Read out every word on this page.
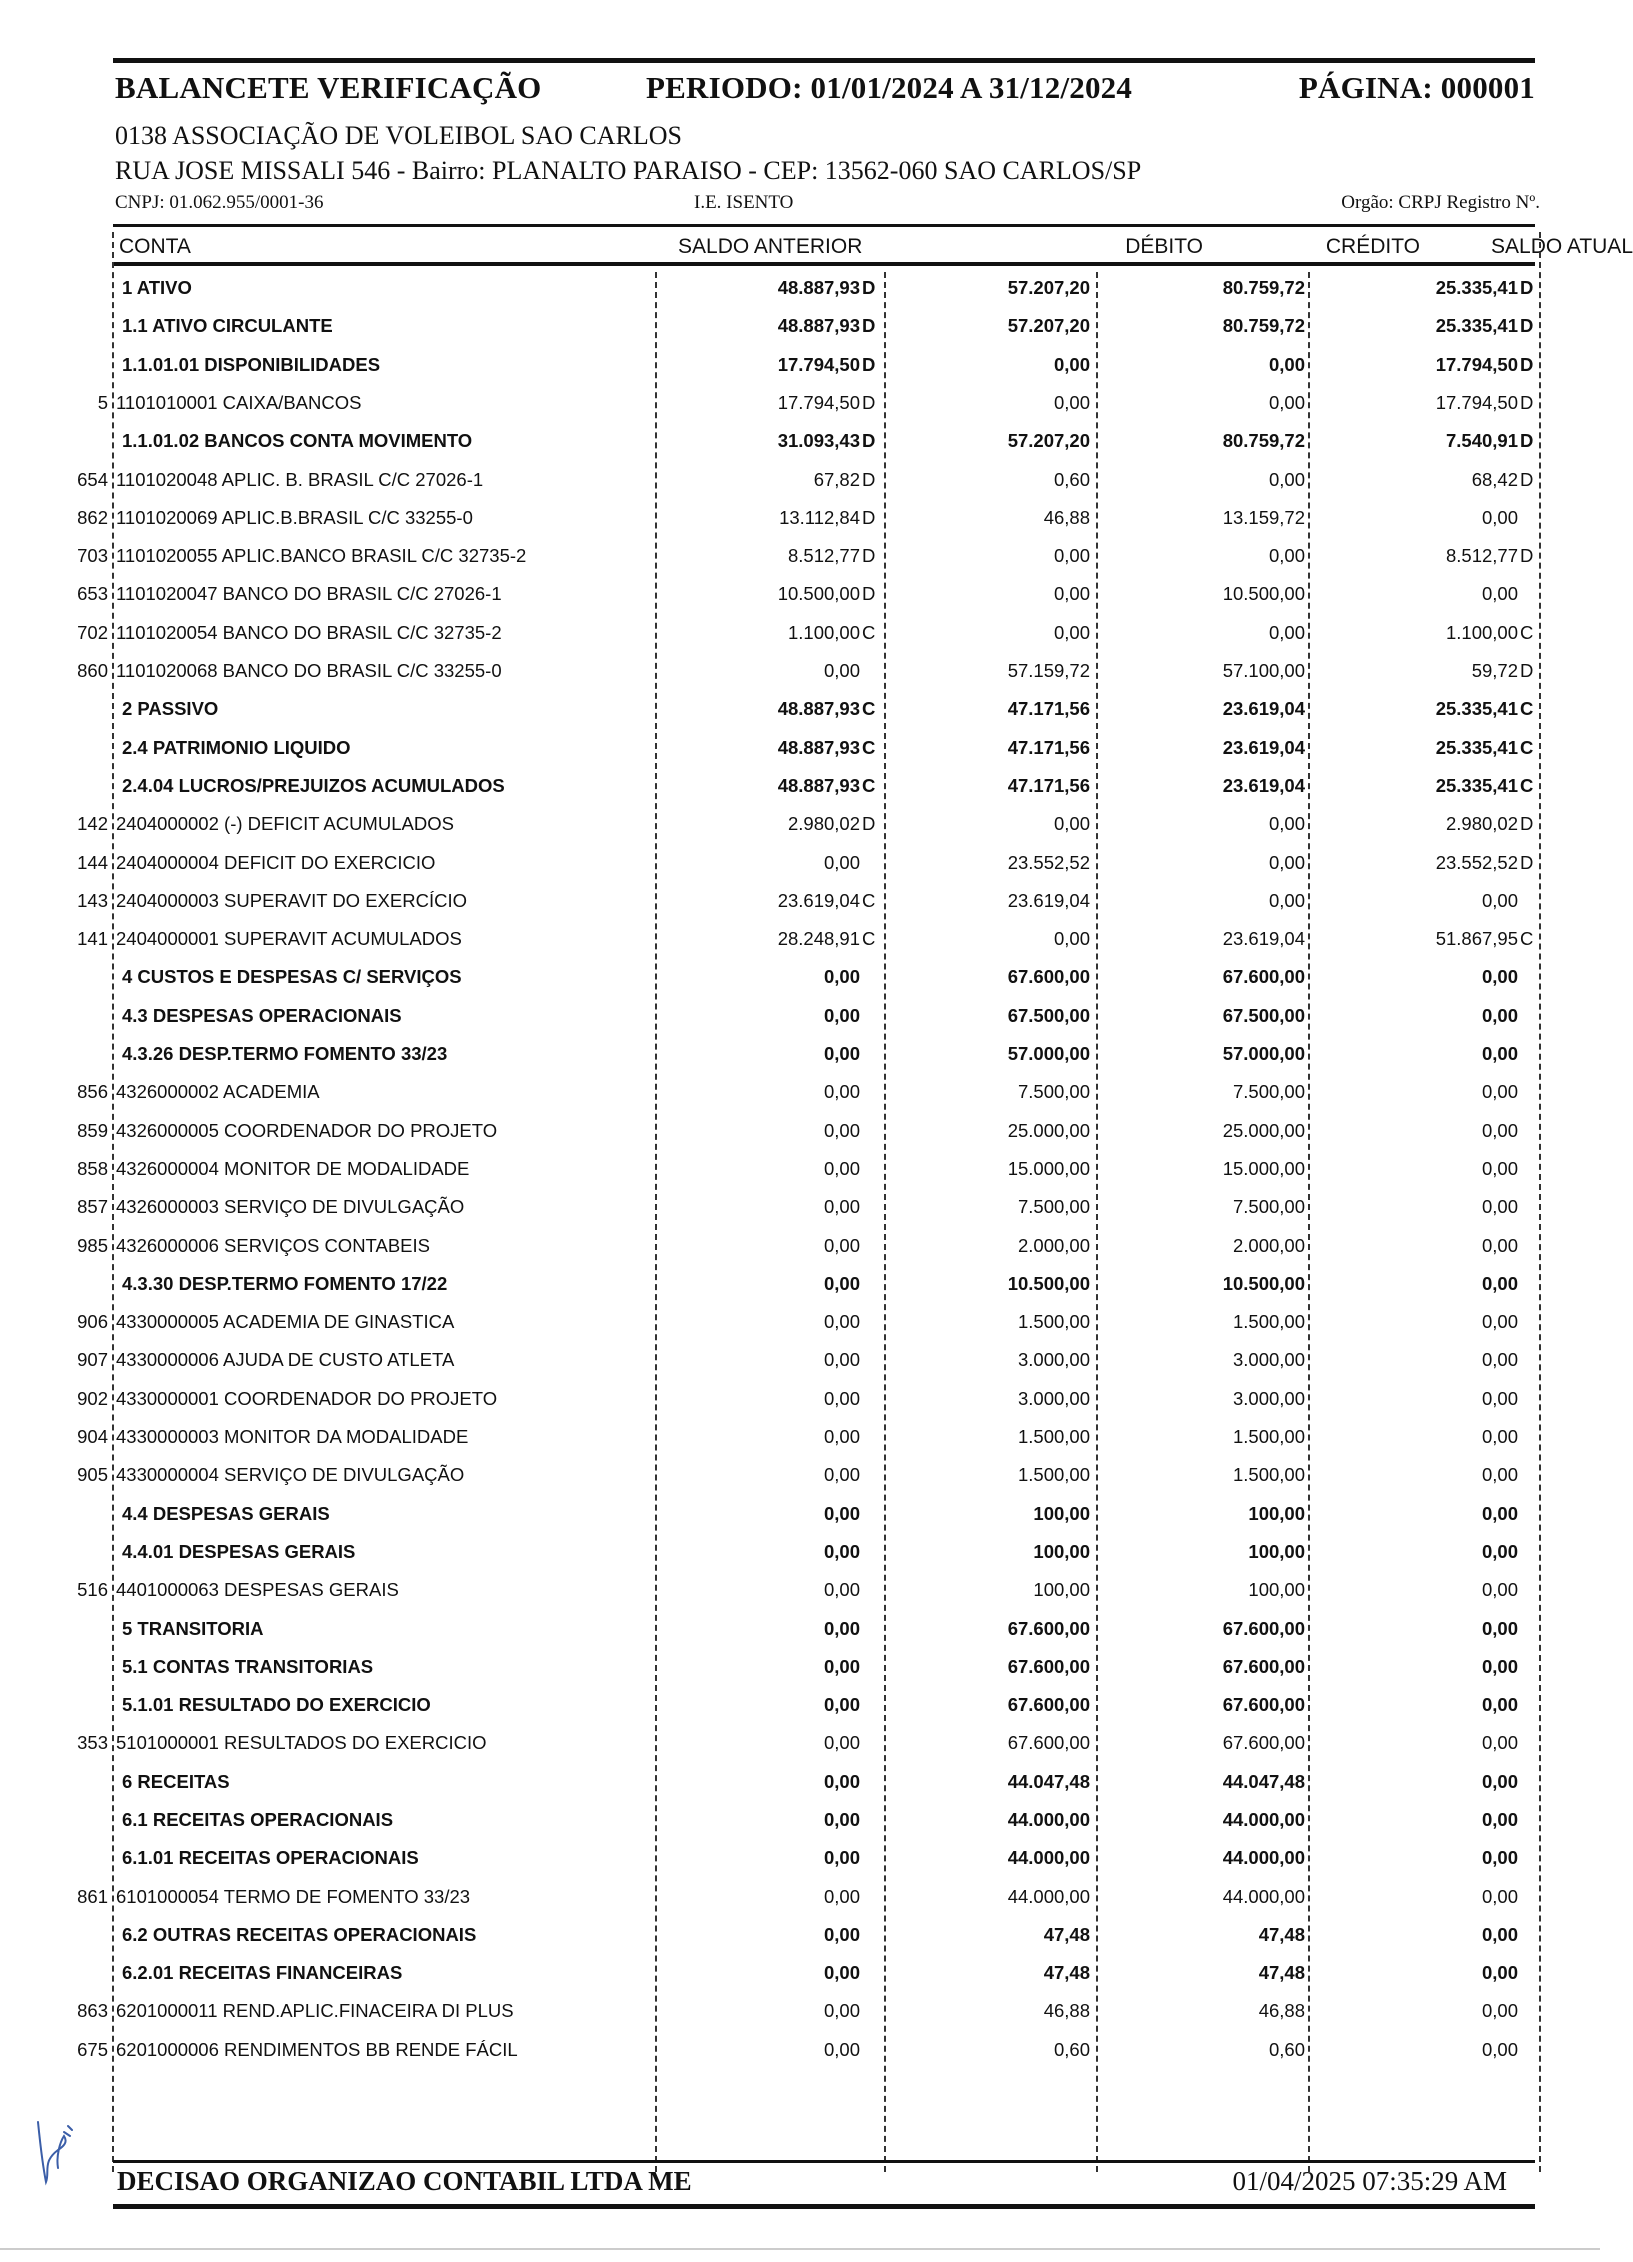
BALANCETE VERIFICAÇÃO	PERIODO: 01/01/2024 A 31/12/2024	PÁGINA: 000001
0138 ASSOCIAÇÃO DE VOLEIBOL SAO CARLOS
RUA JOSE MISSALI 546 - Bairro: PLANALTO PARAISO - CEP: 13562-060 SAO CARLOS/SP
CNPJ: 01.062.955/0001-36	I.E. ISENTO	Orgão: CRPJ Registro Nº.
CONTA	SALDO ANTERIOR	DÉBITO	CRÉDITO	SALDO ATUAL
1 ATIVO	48.887,93 D	57.207,20	80.759,72	25.335,41 D
1.1 ATIVO CIRCULANTE	48.887,93 D	57.207,20	80.759,72	25.335,41 D
1.1.01.01 DISPONIBILIDADES	17.794,50 D	0,00	0,00	17.794,50 D
5 1101010001 CAIXA/BANCOS	17.794,50 D	0,00	0,00	17.794,50 D
1.1.01.02 BANCOS CONTA MOVIMENTO	31.093,43 D	57.207,20	80.759,72	7.540,91 D
654 1101020048 APLIC. B. BRASIL C/C 27026-1	67,82 D	0,60	0,00	68,42 D
862 1101020069 APLIC.B.BRASIL C/C 33255-0	13.112,84 D	46,88	13.159,72	0,00
703 1101020055 APLIC.BANCO BRASIL C/C 32735-2	8.512,77 D	0,00	0,00	8.512,77 D
653 1101020047 BANCO DO BRASIL C/C 27026-1	10.500,00 D	0,00	10.500,00	0,00
702 1101020054 BANCO DO BRASIL C/C 32735-2	1.100,00 C	0,00	0,00	1.100,00 C
860 1101020068 BANCO DO BRASIL C/C 33255-0	0,00	57.159,72	57.100,00	59,72 D
2 PASSIVO	48.887,93 C	47.171,56	23.619,04	25.335,41 C
2.4 PATRIMONIO LIQUIDO	48.887,93 C	47.171,56	23.619,04	25.335,41 C
2.4.04 LUCROS/PREJUIZOS ACUMULADOS	48.887,93 C	47.171,56	23.619,04	25.335,41 C
142 2404000002 (-) DEFICIT ACUMULADOS	2.980,02 D	0,00	0,00	2.980,02 D
144 2404000004 DEFICIT DO EXERCICIO	0,00	23.552,52	0,00	23.552,52 D
143 2404000003 SUPERAVIT DO EXERCÍCIO	23.619,04 C	23.619,04	0,00	0,00
141 2404000001 SUPERAVIT ACUMULADOS	28.248,91 C	0,00	23.619,04	51.867,95 C
4 CUSTOS E DESPESAS C/ SERVIÇOS	0,00	67.600,00	67.600,00	0,00
4.3 DESPESAS OPERACIONAIS	0,00	67.500,00	67.500,00	0,00
4.3.26 DESP.TERMO FOMENTO 33/23	0,00	57.000,00	57.000,00	0,00
856 4326000002 ACADEMIA	0,00	7.500,00	7.500,00	0,00
859 4326000005 COORDENADOR DO PROJETO	0,00	25.000,00	25.000,00	0,00
858 4326000004 MONITOR DE MODALIDADE	0,00	15.000,00	15.000,00	0,00
857 4326000003 SERVIÇO DE DIVULGAÇÃO	0,00	7.500,00	7.500,00	0,00
985 4326000006 SERVIÇOS CONTABEIS	0,00	2.000,00	2.000,00	0,00
4.3.30 DESP.TERMO FOMENTO 17/22	0,00	10.500,00	10.500,00	0,00
906 4330000005 ACADEMIA DE GINASTICA	0,00	1.500,00	1.500,00	0,00
907 4330000006 AJUDA DE CUSTO ATLETA	0,00	3.000,00	3.000,00	0,00
902 4330000001 COORDENADOR DO PROJETO	0,00	3.000,00	3.000,00	0,00
904 4330000003 MONITOR DA MODALIDADE	0,00	1.500,00	1.500,00	0,00
905 4330000004 SERVIÇO DE DIVULGAÇÃO	0,00	1.500,00	1.500,00	0,00
4.4 DESPESAS GERAIS	0,00	100,00	100,00	0,00
4.4.01 DESPESAS GERAIS	0,00	100,00	100,00	0,00
516 4401000063 DESPESAS GERAIS	0,00	100,00	100,00	0,00
5 TRANSITORIA	0,00	67.600,00	67.600,00	0,00
5.1 CONTAS TRANSITORIAS	0,00	67.600,00	67.600,00	0,00
5.1.01 RESULTADO DO EXERCICIO	0,00	67.600,00	67.600,00	0,00
353 5101000001 RESULTADOS DO EXERCICIO	0,00	67.600,00	67.600,00	0,00
6 RECEITAS	0,00	44.047,48	44.047,48	0,00
6.1 RECEITAS OPERACIONAIS	0,00	44.000,00	44.000,00	0,00
6.1.01 RECEITAS OPERACIONAIS	0,00	44.000,00	44.000,00	0,00
861 6101000054 TERMO DE FOMENTO 33/23	0,00	44.000,00	44.000,00	0,00
6.2 OUTRAS RECEITAS OPERACIONAIS	0,00	47,48	47,48	0,00
6.2.01 RECEITAS FINANCEIRAS	0,00	47,48	47,48	0,00
863 6201000011 REND.APLIC.FINACEIRA DI PLUS	0,00	46,88	46,88	0,00
675 6201000006 RENDIMENTOS BB RENDE FÁCIL	0,00	0,60	0,60	0,00
DECISAO ORGANIZAO CONTABIL LTDA ME	01/04/2025 07:35:29 AM
